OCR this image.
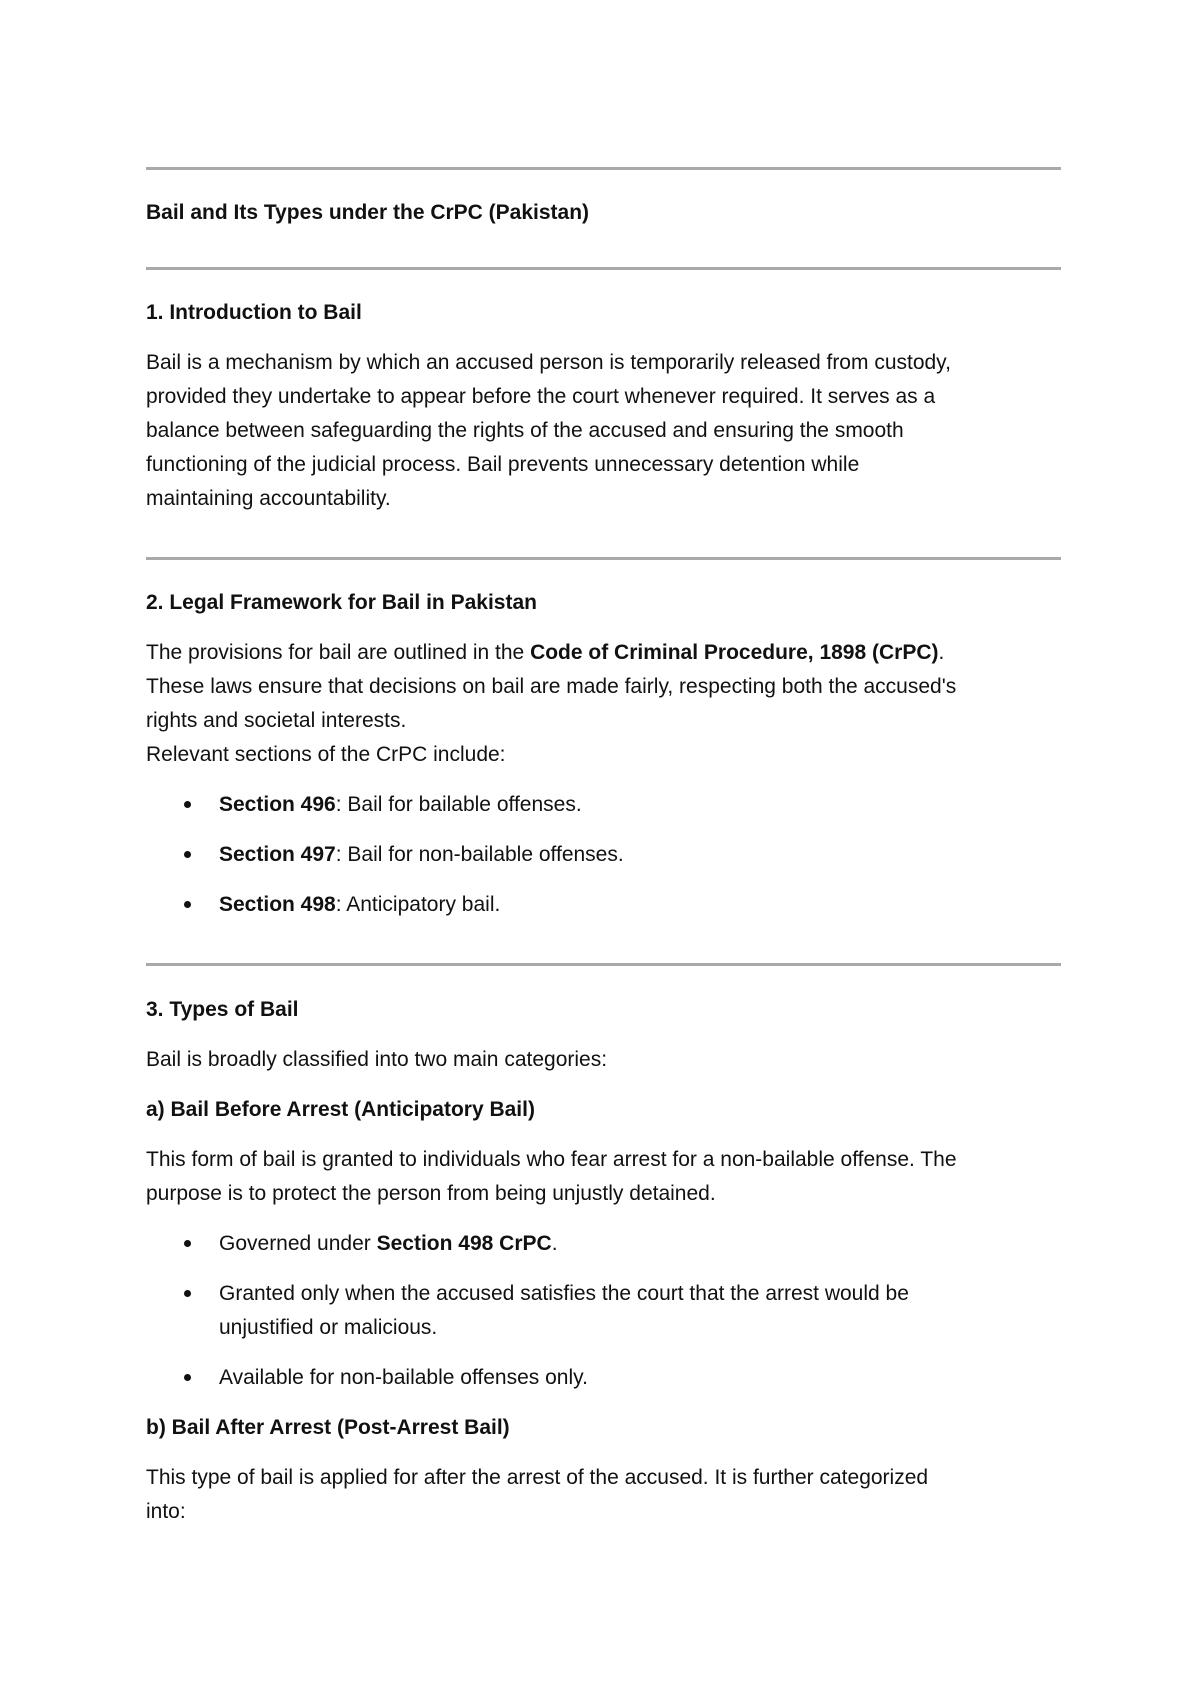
Bail and Its Types under the CrPC (Pakistan)
1. Introduction to Bail
Bail is a mechanism by which an accused person is temporarily released from custody,
provided they undertake to appear before the court whenever required. It serves as a
balance between safeguarding the rights of the accused and ensuring the smooth
functioning of the judicial process. Bail prevents unnecessary detention while
maintaining accountability.
2. Legal Framework for Bail in Pakistan
The provisions for bail are outlined in the Code of Criminal Procedure, 1898 (CrPC).
These laws ensure that decisions on bail are made fairly, respecting both the accused's
rights and societal interests.
Relevant sections of the CrPC include:
Section 496: Bail for bailable offenses.
Section 497: Bail for non-bailable offenses.
Section 498: Anticipatory bail.
3. Types of Bail
Bail is broadly classified into two main categories:
a) Bail Before Arrest (Anticipatory Bail)
This form of bail is granted to individuals who fear arrest for a non-bailable offense. The
purpose is to protect the person from being unjustly detained.
Governed under Section 498 CrPC.
Granted only when the accused satisfies the court that the arrest would be
unjustified or malicious.
Available for non-bailable offenses only.
b) Bail After Arrest (Post-Arrest Bail)
This type of bail is applied for after the arrest of the accused. It is further categorized
into:
